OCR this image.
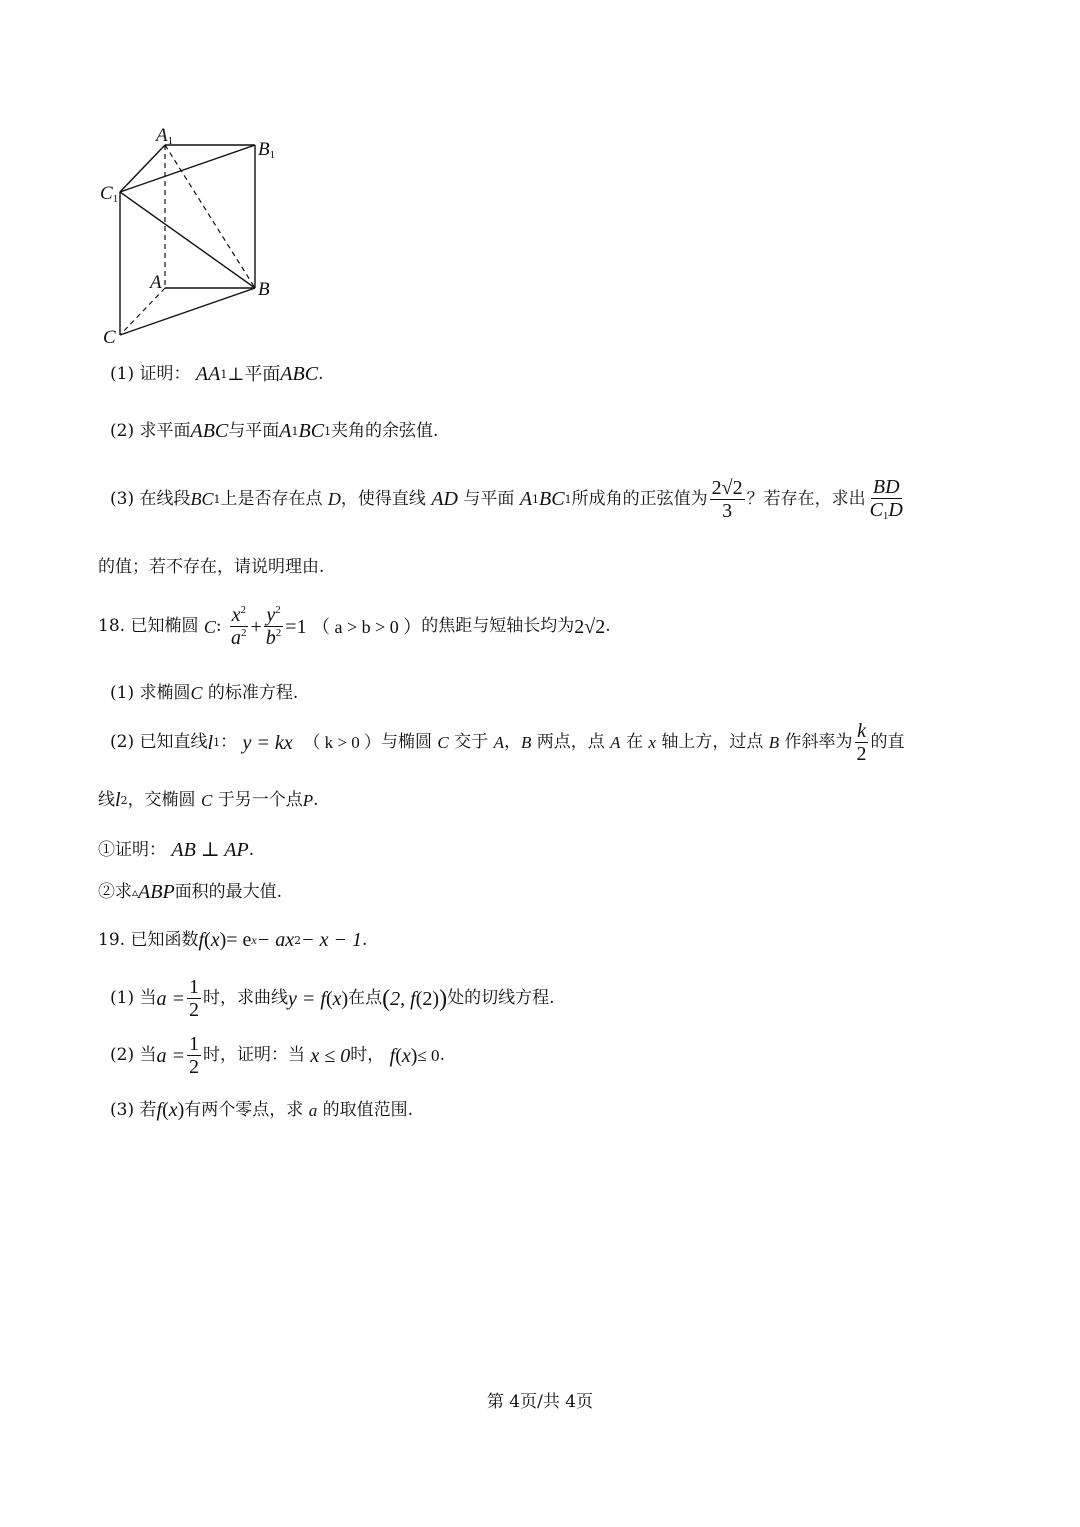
$A_1$	$B_1$
$C_1$
A	B
C
(1)
证明：
AA 1 ⊥平面 ABC .
(2)
求平面 ABC 与平面 A 1 BC 1 夹角的余弦值.
(3)
在线段 BC 1 上是否存在点
D ，使得直线
AD
与平面
A 1 BC 1 所成角的正弦值为 $\frac{2√2}{3}$ ？若存在，求出 $\frac{BD}{C_1D}$
的值；若不存在，请说明理由.
18.
已知椭圆
C :
$\frac{x^2}{a^2} + \frac{y^2}{b^2} =1$
（ a > b > 0 ） 的焦距与短轴长均为 2√2 .
(1)
求椭圆 C
的标准方程.
(2)
已知直线 l 1 ：
y = kx
（ k > 0 ） 与椭圆
C
交于
A ， B
两点，点
A
在
x
轴上方，过点
B
作斜率为 $\frac{k}{2}$ 的直
线 l 2 ，交椭圆
C
于另一个点 P .
①证明：
AB ⊥ AP .
②求 ▵ ABP 面积的最大值.
19.
已知函数 f ( x ) = e x − ax 2 − x − 1 .
(1)
当 $a = \frac{1}{2}$ 时，求曲线 y = f ( x ) 在点 ( 2, f ( 2 ) ) 处的切线方程.
(2)
当 $a = \frac{1}{2}$ 时，证明：当
x ≤ 0 时，
f ( x ) ≤ 0 .
(3)
若 f ( x ) 有两个零点，求
a
的取值范围.
第 4页/共 4页
